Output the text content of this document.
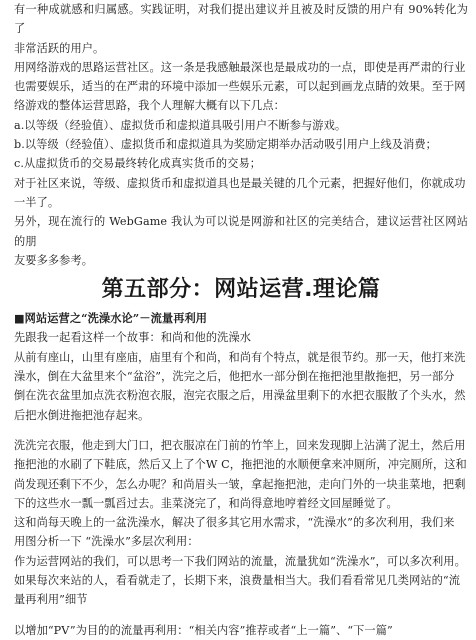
有一种成就感和归属感。实践证明，对我们提出建议并且被及时反馈的用户有 90%转化为了

非常活跃的用户。

用网络游戏的思路运营社区。这一条是我感触最深也是最成功的一点，即使是再严肃的行业

也需要娱乐，适当的在严肃的环境中添加一些娱乐元素，可以起到画龙点睛的效果。至于网

络游戏的整体运营思路，我个人理解大概有以下几点：

a.以等级（经验值）、虚拟货币和虚拟道具吸引用户不断参与游戏。

b.以等级（经验值）、虚拟货币和虚拟道具为奖励定期举办活动吸引用户上线及消费；

c.从虚拟货币的交易最终转化成真实货币的交易；

对于社区来说，等级、虚拟货币和虚拟道具也是最关键的几个元素，把握好他们，你就成功

一半了。

另外，现在流行的 WebGame 我认为可以说是网游和社区的完美结合，建议运营社区网站的朋

友要多多参考。

第五部分：网站运营.理论篇

■网站运营之“洗澡水论”－流量再利用

先跟我一起看这样一个故事：和尚和他的洗澡水

从前有座山，山里有座庙，庙里有个和尚，和尚有个特点，就是很节约。那一天，他打来洗

澡水，倒在大盆里来个“盆浴”，洗完之后，他把水一部分倒在拖把池里散拖把，另一部分

倒在洗衣盆里加点洗衣粉泡衣服，泡完衣服之后，用澡盆里剩下的水把衣服散了个头水，然

后把水倒进拖把池存起来。

洗洗完衣服，他走到大门口，把衣服凉在门前的竹竿上，回来发现脚上沾满了泥土，然后用

拖把池的水刷了下鞋底，然后又上了个W C，拖把池的水顺便拿来冲厕所，冲完厕所，这和

尚发现还剩下不少，怎么办呢？和尚眉头一皱，拿起拖把池，走向门外的一块韭菜地，把剩

下的这些水一瓢一瓢舀过去。韭菜浇完了，和尚得意地哼着经文回屋睡觉了。

这和尚每天晚上的一盆洗澡水，解决了很多其它用水需求，“洗澡水”的多次利用，我们来

用图分析一下 “洗澡水”多层次利用：

作为运营网站的我们，可以思考一下我们网站的流量，流量犹如“洗澡水”，可以多次利用。

如果每次来站的人，看看就走了，长期下来，浪费量相当大。我们看看常见几类网站的“流

量再利用”细节

以增加“PV”为目的的流量再利用：“相关内容”推荐或者“上一篇”、“下一篇”
